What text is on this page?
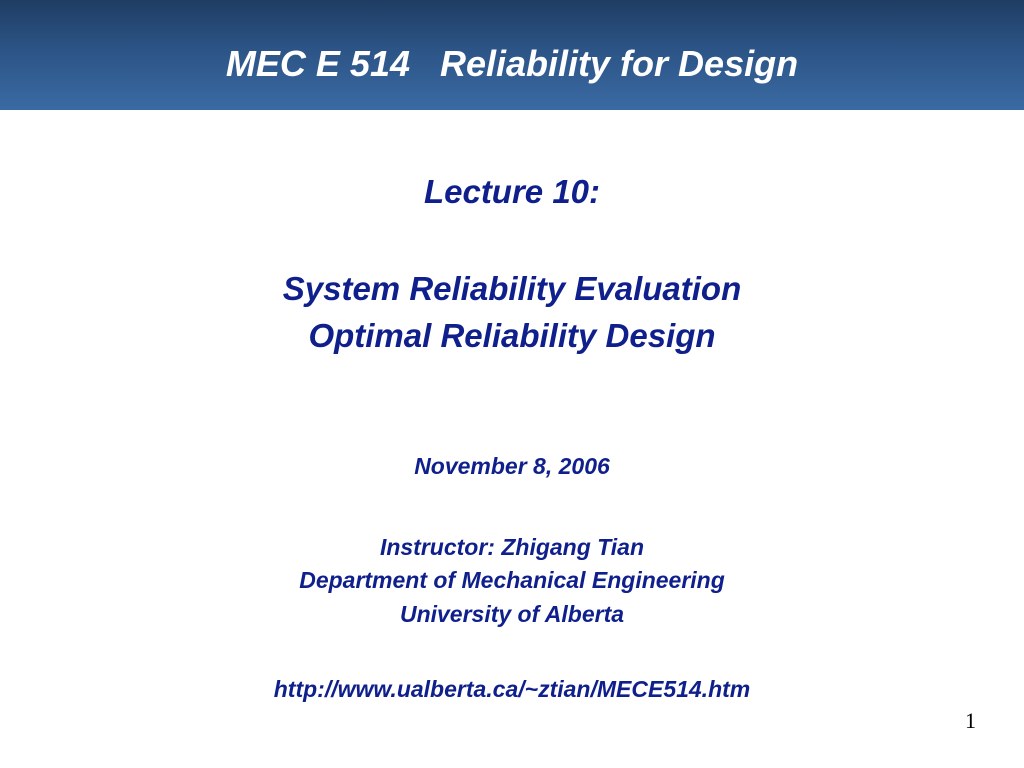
MEC E 514 Reliability for Design
Lecture 10:
System Reliability Evaluation
Optimal Reliability Design
November 8, 2006
Instructor: Zhigang Tian
Department of Mechanical Engineering
University of Alberta
http://www.ualberta.ca/~ztian/MECE514.htm
1
